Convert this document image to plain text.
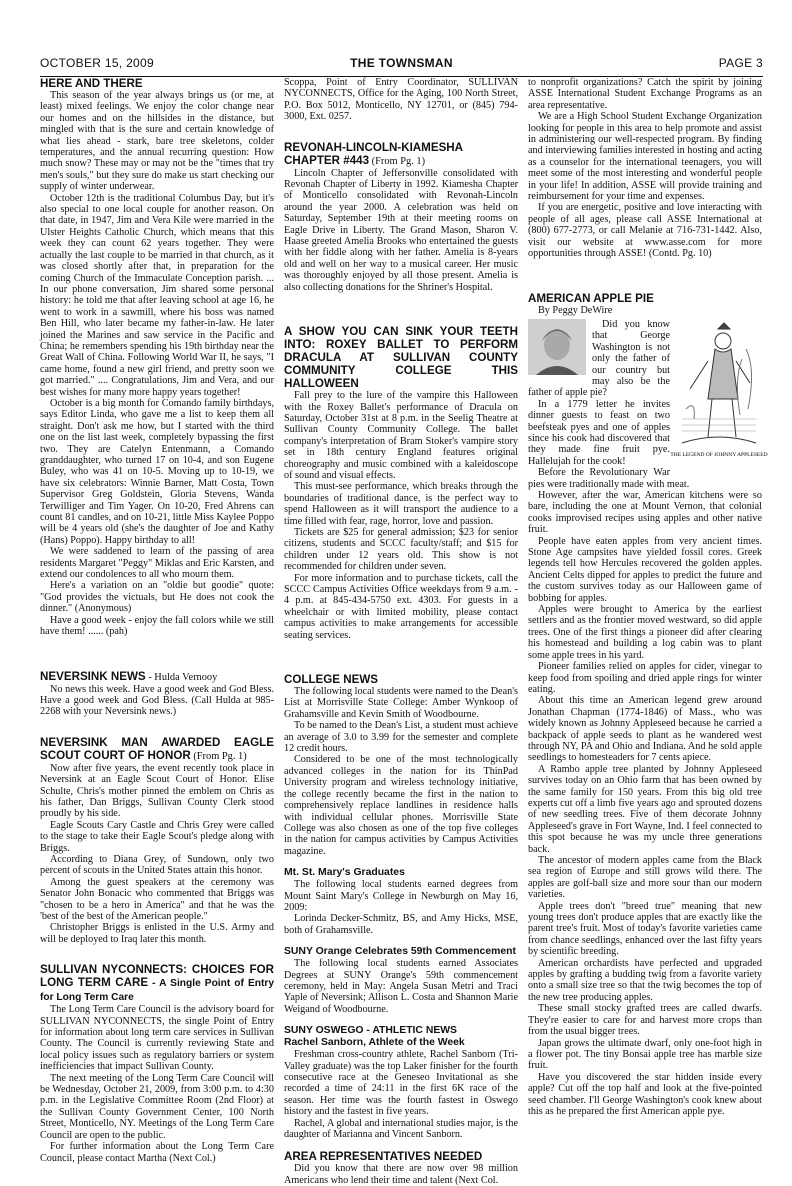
OCTOBER 15, 2009	THE TOWNSMAN	PAGE 3
HERE AND THERE

This season of the year always brings us (or me, at least) mixed feelings. We enjoy the color change near our homes and on the hillsides in the distance, but mingled with that is the sure and certain knowledge of what lies ahead - stark, bare tree skeletons, colder temperatures, and the annual recurring question: How much snow? These may or may not be the "times that try men's souls," but they sure do make us start checking our supply of winter underwear.

October 12th is the traditional Columbus Day, but it's also special to one local couple for another reason. On that date, in 1947, Jim and Vera Kile were married in the Ulster Heights Catholic Church, which means that this week they can count 62 years together. They were actually the last couple to be married in that church, as it was closed shortly after that, in preparation for the coming Church of the Immaculate Conception parish. ... In our phone conversation, Jim shared some personal history: he told me that after leaving school at age 16, he went to work in a sawmill, where his boss was named Ben Hill, who later became my father-in-law. He later joined the Marines and saw service in the Pacific and China; he remembers spending his 19th birthday near the Great Wall of China. Following World War II, he says, "I came home, found a new girl friend, and pretty soon we got married." .... Congratulations, Jim and Vera, and our best wishes for many more happy years together!

October is a big month for Comando family birthdays, says Editor Linda, who gave me a list to keep them all straight. Don't ask me how, but I started with the third one on the list last week, completely bypassing the first two. They are Catelyn Entenmann, a Comando granddaughter, who turned 17 on 10-4, and son Eugene Buley, who was 41 on 10-5. Moving up to 10-19, we have six celebrators: Winnie Barner, Matt Costa, Town Supervisor Greg Goldstein, Gloria Stevens, Wanda Terwilliger and Tim Yager. On 10-20, Fred Ahrens can count 81 candles, and on 10-21, little Miss Kaylee Poppo will be 4 years old (she's the daughter of Joe and Kathy (Hans) Poppo). Happy birthday to all!

We were saddened to learn of the passing of area residents Margaret "Peggy" Miklas and Eric Karsten, and extend our condolences to all who mourn them.

Here's a variation on an "oldie but goodie" quote: "God provides the victuals, but He does not cook the dinner." (Anonymous)

Have a good week - enjoy the fall colors while we still have them! ...... (pah)

NEVERSINK NEWS - Hulda Vernooy

No news this week. Have a good week and God Bless. Have a good week and God Bless. (Call Hulda at 985-2268 with your Neversink news.)

NEVERSINK MAN AWARDED EAGLE SCOUT COURT OF HONOR (From Pg. 1)

Now after five years, the event recently took place in Neversink at an Eagle Scout Court of Honor. Elise Schulte, Chris's mother pinned the emblem on Chris as his father, Dan Briggs, Sullivan County Clerk stood proudly by his side.

Eagle Scouts Cary Castle and Chris Grey were called to the stage to take their Eagle Scout's pledge along with Briggs.

According to Diana Grey, of Sundown, only two percent of scouts in the United States attain this honor.

Among the guest speakers at the ceremony was Senator John Bonacic who commented that Briggs was "chosen to be a hero in America" and that he was the 'best of the best of the American people."

Christopher Briggs is enlisted in the U.S. Army and will be deployed to Iraq later this month.

SULLIVAN NYCONNECTS: CHOICES FOR LONG TERM CARE - A Single Point of Entry for Long Term Care

The Long Term Care Council is the advisory board for SULLIVAN NYCONNECTS, the single Point of Entry for information about long term care services in Sullivan County. The Council is currently reviewing State and local policy issues such as regulatory barriers or system inefficiencies that impact Sullivan County.

The next meeting of the Long Term Care Council will be Wednesday, October 21, 2009, from 3:00 p.m. to 4:30 p.m. in the Legislative Committee Room (2nd Floor) at the Sullivan County Government Center, 100 North Street, Monticello, NY. Meetings of the Long Term Care Council are open to the public.

For further information about the Long Term Care Council, please contact Martha (Next Col.)

Scoppa, Point of Entry Coordinator, SULLIVAN NYCONNECTS, Office for the Aging, 100 North Street, P.O. Box 5012, Monticello, NY 12701, or (845) 794-3000, Ext. 0257.

REVONAH-LINCOLN-KIAMESHA CHAPTER #443 (From Pg. 1)

Lincoln Chapter of Jeffersonville consolidated with Revonah Chapter of Liberty in 1992. Kiamesha Chapter of Monticello consolidated with Revonah-Lincoln around the year 2000. A celebration was held on Saturday, September 19th at their meeting rooms on Eagle Drive in Liberty. The Grand Mason, Sharon V. Haase greeted Amelia Brooks who entertained the guests with her fiddle along with her father. Amelia is 8-years old and well on her way to a musical career. Her music was thoroughly enjoyed by all those present. Amelia is also collecting donations for the Shriner's Hospital.

A SHOW YOU CAN SINK YOUR TEETH INTO: ROXEY BALLET TO PERFORM DRACULA AT SULLIVAN COUNTY COMMUNITY COLLEGE THIS HALLOWEEN

Fall prey to the lure of the vampire this Halloween with the Roxey Ballet's performance of Dracula on Saturday, October 31st at 8 p.m. in the Seelig Theatre at Sullivan County Community College. The ballet company's interpretation of Bram Stoker's vampire story set in 18th century England features original choreography and music combined with a kaleidoscope of sound and visual effects.

This must-see performance, which breaks through the boundaries of traditional dance, is the perfect way to spend Halloween as it will transport the audience to a time filled with fear, rage, horror, love and passion.

Tickets are $25 for general admission; $23 for senior citizens, students and SCCC faculty/staff; and $15 for children under 12 years old. This show is not recommended for children under seven.

For more information and to purchase tickets, call the SCCC Campus Activities Office weekdays from 9 a.m. - 4 p.m. at 845-434-5750 ext. 4303. For guests in a wheelchair or with limited mobility, please contact campus activities to make arrangements for accessible seating services.

COLLEGE NEWS

The following local students were named to the Dean's List at Morrisville State College: Amber Wynkoop of Grahamsville and Kevin Smith of Woodbourne.

To be named to the Dean's List, a student must achieve an average of 3.0 to 3.99 for the semester and complete 12 credit hours.

Considered to be one of the most technologically advanced colleges in the nation for its ThinPad University program and wireless technology initiative, the college recently became the first in the nation to comprehensively replace landlines in residence halls with individual cellular phones. Morrisville State College was also chosen as one of the top five colleges in the nation for campus activities by Campus Activities magazine.

Mt. St. Mary's Graduates

The following local students earned degrees from Mount Saint Mary's College in Newburgh on May 16, 2009:

Lorinda Decker-Schmitz, BS, and Amy Hicks, MSE, both of Grahamsville.

SUNY Orange Celebrates 59th Commencement

The following local students earned Associates Degrees at SUNY Orange's 59th commencement ceremony, held in May: Angela Susan Metri and Traci Yaple of Neversink; Allison L. Costa and Shannon Marie Weigand of Woodbourne.

SUNY OSWEGO - ATHLETIC NEWS
Rachel Sanborn, Athlete of the Week

Freshman cross-country athlete, Rachel Sanborn (Tri-Valley graduate) was the top Laker finisher for the fourth consecutive race at the Geneseo Invitational as she recorded a time of 24:11 in the first 6K race of the season. Her time was the fourth fastest in Oswego history and the fastest in five years.

Rachel, A global and international studies major, is the daughter of Marianna and Vincent Sanborn.

AREA REPRESENTATIVES NEEDED

Did you know that there are now over 98 million Americans who lend their time and talent (Next Col.

to nonprofit organizations? Catch the spirit by joining ASSE International Student Exchange Programs as an area representative.

We are a High School Student Exchange Organization looking for people in this area to help promote and assist in administering our well-respected program. By finding and interviewing families interested in hosting and acting as a counselor for the international teenagers, you will meet some of the most interesting and wonderful people in your life! In addition, ASSE will provide training and reimbursement for your time and expenses.

If you are energetic, positive and love interacting with people of all ages, please call ASSE International at (800) 677-2773, or call Melanie at 716-731-1442. Also, visit our website at www.asse.com for more opportunities through ASSE! (Contd. Pg. 10)

AMERICAN APPLE PIE
By Peggy DeWire
THE LEGEND OF JOHNNY APPLESEED

Did you know that George Washington is not only the father of our country but may also be the father of apple pie?

In a 1779 letter he invites dinner guests to feast on two beefsteak pyes and one of apples since his cook had discovered that they made fine fruit pye. Hallelujah for the cook!

Before the Revolutionary War pies were traditionally made with meat.

However, after the war, American kitchens were so bare, including the one at Mount Vernon, that colonial cooks improvised recipes using apples and other native fruit.

People have eaten apples from very ancient times. Stone Age campsites have yielded fossil cores. Greek legends tell how Hercules recovered the golden apples. Ancient Celts dipped for apples to predict the future and the custom survives today as our Halloween game of bobbing for apples.

Apples were brought to America by the earliest settlers and as the frontier moved westward, so did apple trees. One of the first things a pioneer did after clearing his homestead and building a log cabin was to plant some apple trees in his yard.

Pioneer families relied on apples for cider, vinegar to keep food from spoiling and dried apple rings for winter eating.

About this time an American legend grew around Jonathan Chapman (1774-1846) of Mass., who was widely known as Johnny Appleseed because he carried a backpack of apple seeds to plant as he wandered west through NY, PA and Ohio and Indiana. And he sold apple seedlings to homesteaders for 7 cents apiece.

A Rambo apple tree planted by Johnny Appleseed survives today on an Ohio farm that has been owned by the same family for 150 years. From this big old tree experts cut off a limb five years ago and sprouted dozens of new seedling trees. Five of them decorate Johnny Appleseed's grave in Fort Wayne, Ind. I feel connected to this spot because he was my uncle three generations back.

The ancestor of modern apples came from the Black sea region of Europe and still grows wild there. The apples are golf-ball size and more sour than our modern varieties.

Apple trees don't "breed true" meaning that new young trees don't produce apples that are exactly like the parent tree's fruit. Most of today's favorite varieties came from chance seedlings, enhanced over the last fifty years by scientific breeding.

American orchardists have perfected and upgraded apples by grafting a budding twig from a favorite variety onto a small size tree so that the twig becomes the top of the new tree producing apples.

These small stocky grafted trees are called dwarfs. They're easier to care for and harvest more crops than from the usual bigger trees.

Japan grows the ultimate dwarf, only one-foot high in a flower pot. The tiny Bonsai apple tree has marble size fruit.

Have you discovered the star hidden inside every apple? Cut off the top half and look at the five-pointed seed chamber. I'll George Washington's cook knew about this as he prepared the first American apple pye.
